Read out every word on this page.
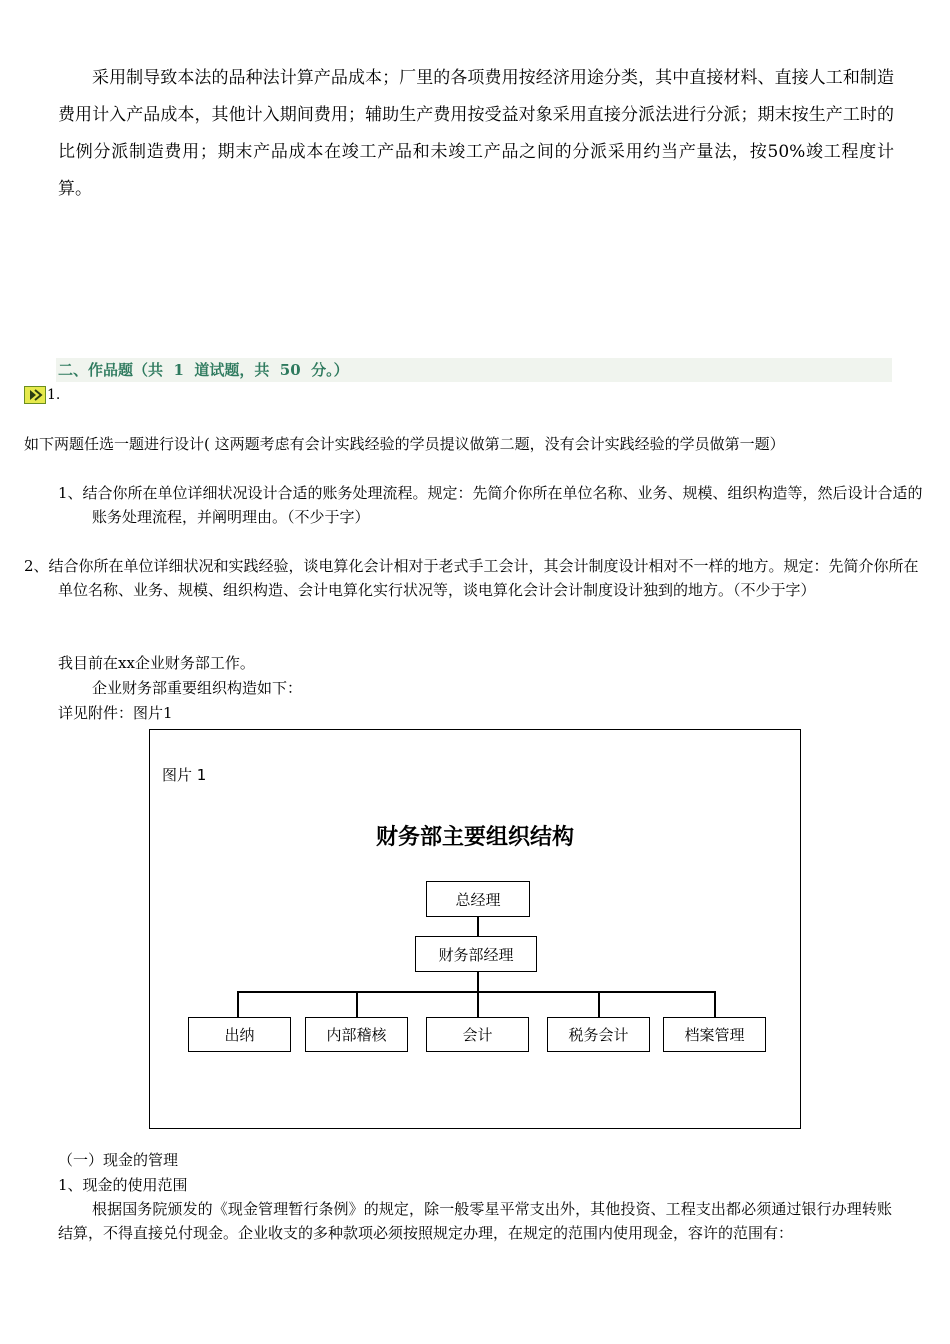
采用制导致本法的品种法计算产品成本；厂里的各项费用按经济用途分类，其中直接材料、直接人工和制造费用计入产品成本，其他计入期间费用；辅助生产费用按受益对象采用直接分派法进行分派；期末按生产工时的比例分派制造费用；期末产品成本在竣工产品和未竣工产品之间的分派采用约当产量法，按50%竣工程度计算。

二、作品题（共  1  道试题，共  50  分。）
1.

如下两题任选一题进行设计( 这两题考虑有会计实践经验的学员提议做第二题，没有会计实践经验的学员做第一题）

1、结合你所在单位详细状况设计合适的账务处理流程。规定：先简介你所在单位名称、业务、规模、组织构造等，然后设计合适的账务处理流程，并阐明理由。（不少于字）

2、结合你所在单位详细状况和实践经验，谈电算化会计相对于老式手工会计，其会计制度设计相对不一样的地方。规定：先简介你所在单位名称、业务、规模、组织构造、会计电算化实行状况等，谈电算化会计会计制度设计独到的地方。（不少于字）

我目前在xx企业财务部工作。

企业财务部重要组织构造如下：

详见附件：图片1

图片 1
财务部主要组织结构
总经理
财务部经理
出纳	内部稽核	会计	税务会计	档案管理

（一）现金的管理

1、现金的使用范围

根据国务院颁发的《现金管理暂行条例》的规定，除一般零星平常支出外，其他投资、工程支出都必须通过银行办理转账结算，不得直接兑付现金。企业收支的多种款项必须按照规定办理，在规定的范围内使用现金，容许的范围有：
